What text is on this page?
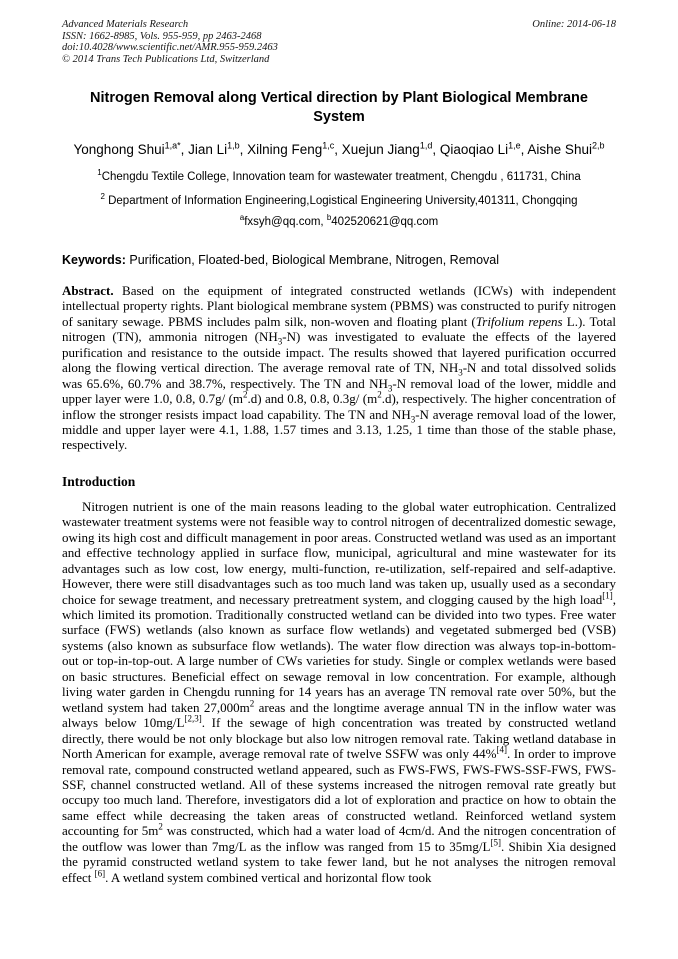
Advanced Materials Research
ISSN: 1662-8985, Vols. 955-959, pp 2463-2468
doi:10.4028/www.scientific.net/AMR.955-959.2463
© 2014 Trans Tech Publications Ltd, Switzerland
Online: 2014-06-18
Nitrogen Removal along Vertical direction by Plant Biological Membrane System
Yonghong Shui$^{1,a*}$, Jian Li$^{1,b}$, Xilning Feng$^{1,c}$, Xuejun Jiang$^{1,d}$, Qiaoqiao Li$^{1,e}$, Aishe Shui$^{2,b}$
$^1$Chengdu Textile College, Innovation team for wastewater treatment, Chengdu , 611731, China
$^2$ Department of Information Engineering,Logistical Engineering University,401311, Chongqing
$^a$fxsyh@qq.com, $^b$402520621@qq.com
Keywords: Purification, Floated-bed, Biological Membrane, Nitrogen, Removal
Abstract. Based on the equipment of integrated constructed wetlands (ICWs) with independent intellectual property rights. Plant biological membrane system (PBMS) was constructed to purify nitrogen of sanitary sewage. PBMS includes palm silk, non-woven and floating plant (Trifolium repens L.). Total nitrogen (TN), ammonia nitrogen $(NH_3-N)$ was investigated to evaluate the effects of the layered purification and resistance to the outside impact. The results showed that layered purification occurred along the flowing vertical direction. The average removal rate of TN, $NH_3-N$ and total dissolved solids was 65.6%, 60.7% and 38.7%, respectively. The TN and $NH_3-N$ removal load of the lower, middle and upper layer were 1.0, 0.8, 0.7g/ $(m^2.d)$ and 0.8, 0.8, 0.3g/ $(m^2.d)$, respectively. The higher concentration of inflow the stronger resists impact load capability. The TN and $NH_3-N$ average removal load of the lower, middle and upper layer were 4.1, 1.88, 1.57 times and 3.13, 1.25, 1 time than those of the stable phase, respectively.
Introduction
Nitrogen nutrient is one of the main reasons leading to the global water eutrophication. Centralized wastewater treatment systems were not feasible way to control nitrogen of decentralized domestic sewage, owing its high cost and difficult management in poor areas. Constructed wetland was used as an important and effective technology applied in surface flow, municipal, agricultural and mine wastewater for its advantages such as low cost, low energy, multi-function, re-utilization, self-repaired and self-adaptive. However, there were still disadvantages such as too much land was taken up, usually used as a secondary choice for sewage treatment, and necessary pretreatment system, and clogging caused by the high load[1], which limited its promotion. Traditionally constructed wetland can be divided into two types. Free water surface (FWS) wetlands (also known as surface flow wetlands) and vegetated submerged bed (VSB) systems (also known as subsurface flow wetlands). The water flow direction was always top-in-bottom-out or top-in-top-out. A large number of CWs varieties for study. Single or complex wetlands were based on basic structures. Beneficial effect on sewage removal in low concentration. For example, although living water garden in Chengdu running for 14 years has an average TN removal rate over 50%, but the wetland system had taken $27,000m^2$ areas and the longtime average annual TN in the inflow water was always below 10mg/L[2,3]. If the sewage of high concentration was treated by constructed wetland directly, there would be not only blockage but also low nitrogen removal rate. Taking wetland database in North American for example, average removal rate of twelve SSFW was only 44%[4]. In order to improve removal rate, compound constructed wetland appeared, such as FWS-FWS, FWS-FWS-SSF-FWS, FWS-SSF, channel constructed wetland. All of these systems increased the nitrogen removal rate greatly but occupy too much land. Therefore, investigators did a lot of exploration and practice on how to obtain the same effect while decreasing the taken areas of constructed wetland. Reinforced wetland system accounting for $5m^2$ was constructed, which had a water load of 4cm/d. And the nitrogen concentration of the outflow was lower than 7mg/L as the inflow was ranged from 15 to 35mg/L[5]. Shibin Xia designed the pyramid constructed wetland system to take fewer land, but he not analyses the nitrogen removal effect [6]. A wetland system combined vertical and horizontal flow took
